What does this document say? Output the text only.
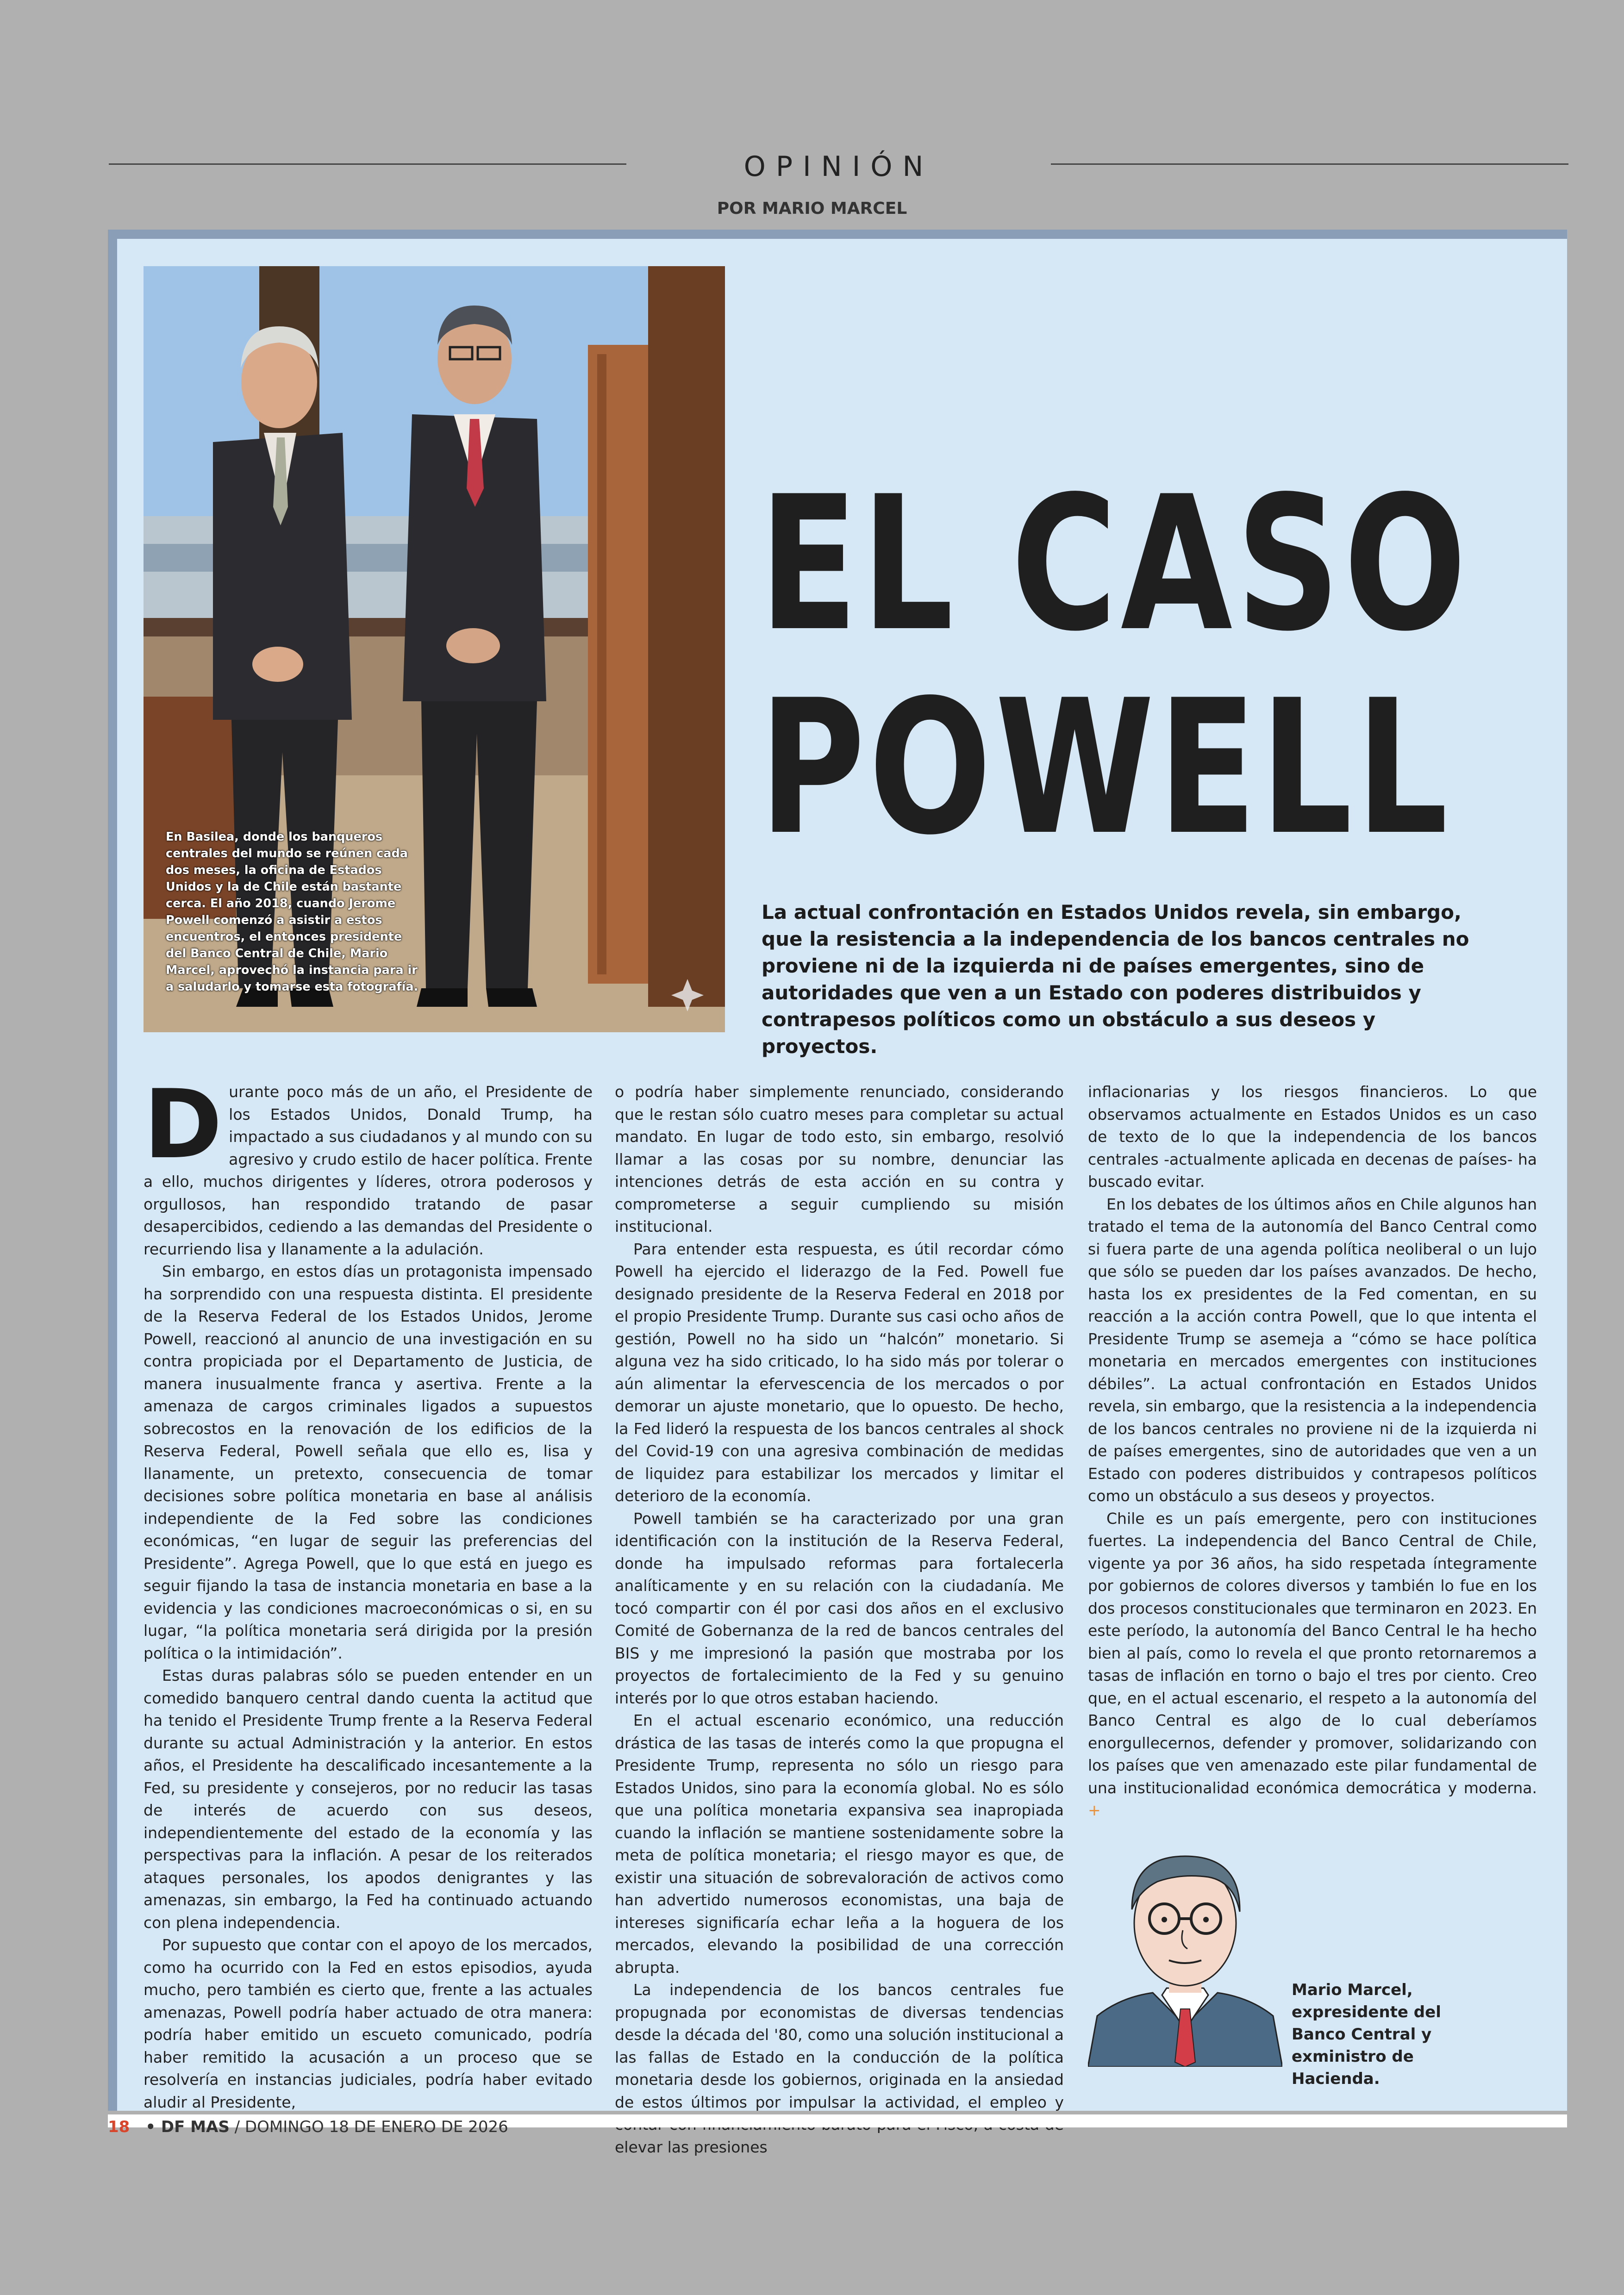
OPINIÓN
POR MARIO MARCEL
En Basilea, donde los banqueros centrales del mundo se reúnen cada dos meses, la oficina de Estados Unidos y la de Chile están bastante cerca. El año 2018, cuando Jerome Powell comenzó a asistir a estos encuentros, el entonces presidente del Banco Central de Chile, Mario Marcel, aprovechó la instancia para ir a saludarlo y tomarse esta fotografía.
EL CASO
POWELL
La actual confrontación en Estados Unidos revela, sin embargo, que la resistencia a la independencia de los bancos centrales no proviene ni de la izquierda ni de países emergentes, sino de autoridades que ven a un Estado con poderes distribuidos y contrapesos políticos como un obstáculo a sus deseos y proyectos.

Durante poco más de un año, el Presidente de los Estados Unidos, Donald Trump, ha impactado a sus ciudadanos y al mundo con su agresivo y crudo estilo de hacer política. Frente a ello, muchos dirigentes y líderes, otrora poderosos y orgullosos, han respondido tratando de pasar desapercibidos, cediendo a las demandas del Presidente o recurriendo lisa y llanamente a la adulación.

Sin embargo, en estos días un protagonista impensado ha sorprendido con una respuesta distinta. El presidente de la Reserva Federal de los Estados Unidos, Jerome Powell, reaccionó al anuncio de una investigación en su contra propiciada por el Departamento de Justicia, de manera inusualmente franca y asertiva. Frente a la amenaza de cargos criminales ligados a supuestos sobrecostos en la renovación de los edificios de la Reserva Federal, Powell señala que ello es, lisa y llanamente, un pretexto, consecuencia de tomar decisiones sobre política monetaria en base al análisis independiente de la Fed sobre las condiciones económicas, “en lugar de seguir las preferencias del Presidente”. Agrega Powell, que lo que está en juego es seguir fijando la tasa de instancia monetaria en base a la evidencia y las condiciones macroeconómicas o si, en su lugar, “la política monetaria será dirigida por la presión política o la intimidación”.

Estas duras palabras sólo se pueden entender en un comedido banquero central dando cuenta la actitud que ha tenido el Presidente Trump frente a la Reserva Federal durante su actual Administración y la anterior. En estos años, el Presidente ha descalificado incesantemente a la Fed, su presidente y consejeros, por no reducir las tasas de interés de acuerdo con sus deseos, independientemente del estado de la economía y las perspectivas para la inflación. A pesar de los reiterados ataques personales, los apodos denigrantes y las amenazas, sin embargo, la Fed ha continuado actuando con plena independencia.

Por supuesto que contar con el apoyo de los mercados, como ha ocurrido con la Fed en estos episodios, ayuda mucho, pero también es cierto que, frente a las actuales amenazas, Powell podría haber actuado de otra manera: podría haber emitido un escueto comunicado, podría haber remitido la acusación a un proceso que se resolvería en instancias judiciales, podría haber evitado aludir al Presidente,

o podría haber simplemente renunciado, considerando que le restan sólo cuatro meses para completar su actual mandato. En lugar de todo esto, sin embargo, resolvió llamar a las cosas por su nombre, denunciar las intenciones detrás de esta acción en su contra y comprometerse a seguir cumpliendo su misión institucional.

Para entender esta respuesta, es útil recordar cómo Powell ha ejercido el liderazgo de la Fed. Powell fue designado presidente de la Reserva Federal en 2018 por el propio Presidente Trump. Durante sus casi ocho años de gestión, Powell no ha sido un “halcón” monetario. Si alguna vez ha sido criticado, lo ha sido más por tolerar o aún alimentar la efervescencia de los mercados o por demorar un ajuste monetario, que lo opuesto. De hecho, la Fed lideró la respuesta de los bancos centrales al shock del Covid-19 con una agresiva combinación de medidas de liquidez para estabilizar los mercados y limitar el deterioro de la economía.

Powell también se ha caracterizado por una gran identificación con la institución de la Reserva Federal, donde ha impulsado reformas para fortalecerla analíticamente y en su relación con la ciudadanía. Me tocó compartir con él por casi dos años en el exclusivo Comité de Gobernanza de la red de bancos centrales del BIS y me impresionó la pasión que mostraba por los proyectos de fortalecimiento de la Fed y su genuino interés por lo que otros estaban haciendo.

En el actual escenario económico, una reducción drástica de las tasas de interés como la que propugna el Presidente Trump, representa no sólo un riesgo para Estados Unidos, sino para la economía global. No es sólo que una política monetaria expansiva sea inapropiada cuando la inflación se mantiene sostenidamente sobre la meta de política monetaria; el riesgo mayor es que, de existir una situación de sobrevaloración de activos como han advertido numerosos economistas, una baja de intereses significaría echar leña a la hoguera de los mercados, elevando la posibilidad de una corrección abrupta.

La independencia de los bancos centrales fue propugnada por economistas de diversas tendencias desde la década del '80, como una solución institucional a las fallas de Estado en la conducción de la política monetaria desde los gobiernos, originada en la ansiedad de estos últimos por impulsar la actividad, el empleo y elevar las presiones

inflacionarias y los riesgos financieros. Lo que observamos actualmente en Estados Unidos es un caso de texto de lo que la independencia de los bancos centrales -actualmente aplicada en decenas de países- ha buscado evitar.

En los debates de los últimos años en Chile algunos han tratado el tema de la autonomía del Banco Central como si fuera parte de una agenda política neoliberal o un lujo que sólo se pueden dar los países avanzados. De hecho, hasta los ex presidentes de la Fed comentan, en su reacción a la acción contra Powell, que lo que intenta el Presidente Trump se asemeja a “cómo se hace política monetaria en mercados emergentes con instituciones débiles”. La actual confrontación en Estados Unidos revela, sin embargo, que la resistencia a la independencia de los bancos centrales no proviene ni de la izquierda ni de países emergentes, sino de autoridades que ven a un Estado con poderes distribuidos y contrapesos políticos como un obstáculo a sus deseos y proyectos.

Chile es un país emergente, pero con instituciones fuertes. La independencia del Banco Central de Chile, vigente ya por 36 años, ha sido respetada íntegramente por gobiernos de colores diversos y también lo fue en los dos procesos constitucionales que terminaron en 2023. En este período, la autonomía del Banco Central le ha hecho bien al país, como lo revela el que pronto retornaremos a tasas de inflación en torno o bajo el tres por ciento. Creo que, en el actual escenario, el respeto a la autonomía del Banco Central es algo de lo cual deberíamos enorgullecernos, defender y promover, solidarizando con los países que ven amenazado este pilar fundamental de una institucionalidad económica democrática y moderna. +

Mario Marcel, expresidente del Banco Central y exministro de Hacienda.
18 • DF MAS / DOMINGO 18 DE ENERO DE 2026
